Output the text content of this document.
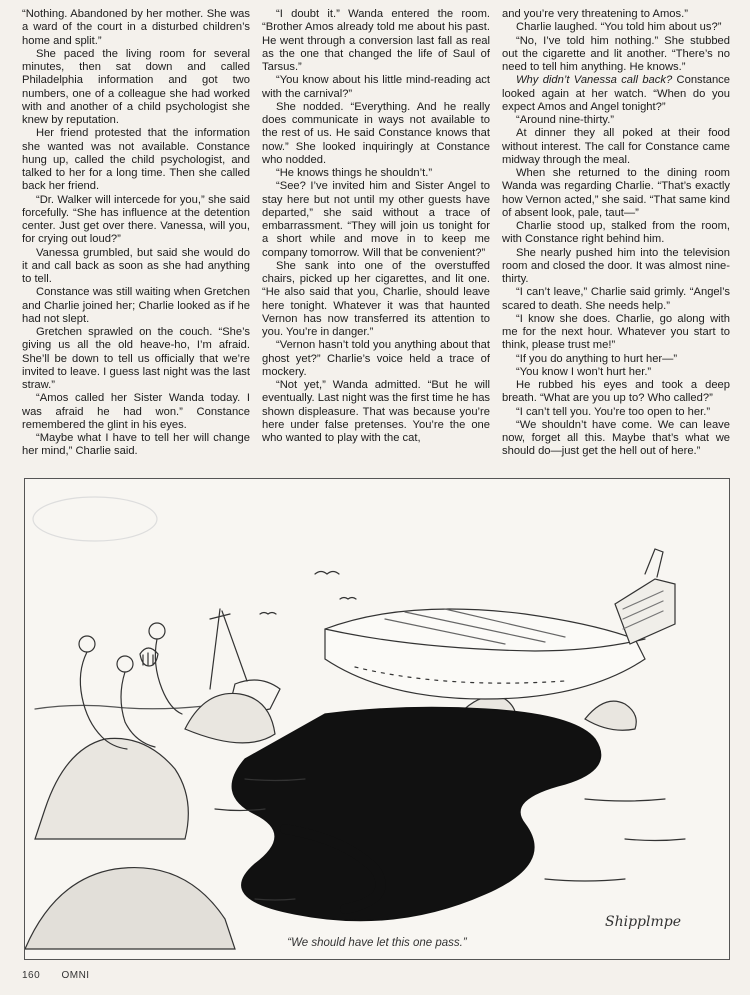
“Nothing. Abandoned by her mother. She was a ward of the court in a disturbed children’s home and split.”

She paced the living room for several minutes, then sat down and called Philadelphia information and got two numbers, one of a colleague she had worked with and another of a child psychologist she knew by reputation.

Her friend protested that the information she wanted was not available. Constance hung up, called the child psychologist, and talked to her for a long time. Then she called back her friend.

“Dr. Walker will intercede for you,” she said forcefully. “She has influence at the detention center. Just get over there. Vanessa, will you, for crying out loud?”

Vanessa grumbled, but said she would do it and call back as soon as she had anything to tell.

Constance was still waiting when Gretchen and Charlie joined her; Charlie looked as if he had not slept.

Gretchen sprawled on the couch. “She’s giving us all the old heave-ho, I’m afraid. She’ll be down to tell us officially that we’re invited to leave. I guess last night was the last straw.”

“Amos called her Sister Wanda today. I was afraid he had won.” Constance remembered the glint in his eyes.

“Maybe what I have to tell her will change her mind,” Charlie said.

“I doubt it.” Wanda entered the room. “Brother Amos already told me about his past. He went through a conversion last fall as real as the one that changed the life of Saul of Tarsus.”

“You know about his little mind-reading act with the carnival?”

She nodded. “Everything. And he really does communicate in ways not available to the rest of us. He said Constance knows that now.” She looked inquiringly at Constance who nodded.

“He knows things he shouldn’t.”

“See? I’ve invited him and Sister Angel to stay here but not until my other guests have departed,” she said without a trace of embarrassment. “They will join us tonight for a short while and move in to keep me company tomorrow. Will that be convenient?”

She sank into one of the overstuffed chairs, picked up her cigarettes, and lit one. “He also said that you, Charlie, should leave here tonight. Whatever it was that haunted Vernon has now transferred its attention to you. You’re in danger.”

“Vernon hasn’t told you anything about that ghost yet?” Charlie’s voice held a trace of mockery.

“Not yet,” Wanda admitted. “But he will eventually. Last night was the first time he has shown displeasure. That was because you’re here under false pretenses. You’re the one who wanted to play with the cat,

and you’re very threatening to Amos.”

Charlie laughed. “You told him about us?”

“No, I’ve told him nothing.” She stubbed out the cigarette and lit another. “There’s no need to tell him anything. He knows.”

Why didn’t Vanessa call back? Constance looked again at her watch. “When do you expect Amos and Angel tonight?”

“Around nine-thirty.”

At dinner they all poked at their food without interest. The call for Constance came midway through the meal.

When she returned to the dining room Wanda was regarding Charlie. “That’s exactly how Vernon acted,” she said. “That same kind of absent look, pale, taut—”

Charlie stood up, stalked from the room, with Constance right behind him.

She nearly pushed him into the television room and closed the door. It was almost nine-thirty.

“I can’t leave,” Charlie said grimly. “Angel’s scared to death. She needs help.”

“I know she does. Charlie, go along with me for the next hour. Whatever you start to think, please trust me!”

“If you do anything to hurt her—”

“You know I won’t hurt her.”

He rubbed his eyes and took a deep breath. “What are you up to? Who called?”

“I can’t tell you. You’re too open to her.”

“We shouldn’t have come. We can leave now, forget all this. Maybe that’s what we should do—just get the hell out of here.”

Shipplmpe
“We should have let this one pass.”
160 OMNI
